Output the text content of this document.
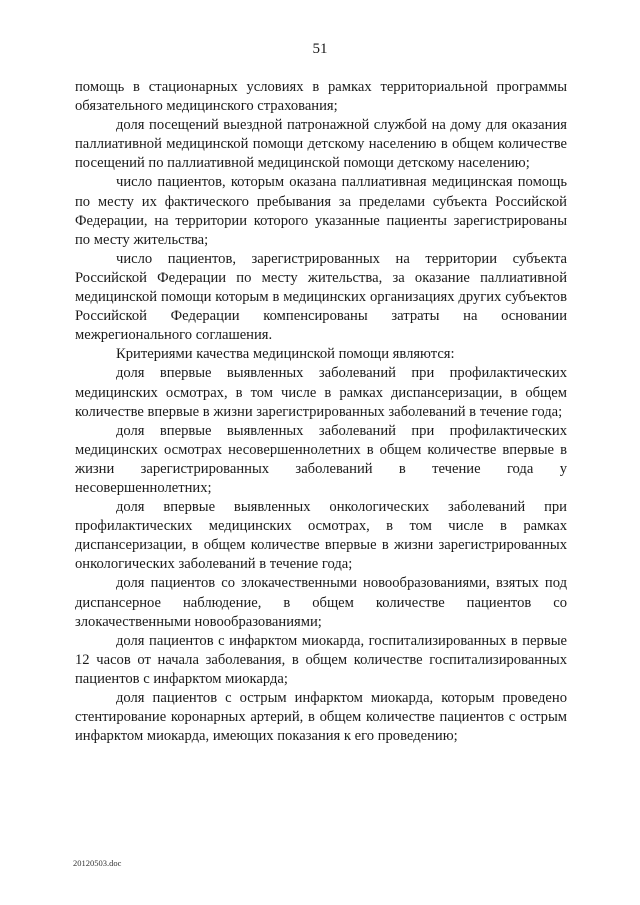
51

помощь в стационарных условиях в рамках территориальной программы обязательного медицинского страхования;

доля посещений выездной патронажной службой на дому для оказания паллиативной медицинской помощи детскому населению в общем количестве посещений по паллиативной медицинской помощи детскому населению;

число пациентов, которым оказана паллиативная медицинская помощь по месту их фактического пребывания за пределами субъекта Российской Федерации, на территории которого указанные пациенты зарегистрированы по месту жительства;

число пациентов, зарегистрированных на территории субъекта Российской Федерации по месту жительства, за оказание паллиативной медицинской помощи которым в медицинских организациях других субъектов Российской Федерации компенсированы затраты на основании межрегионального соглашения.

Критериями качества медицинской помощи являются:

доля впервые выявленных заболеваний при профилактических медицинских осмотрах, в том числе в рамках диспансеризации, в общем количестве впервые в жизни зарегистрированных заболеваний в течение года;

доля впервые выявленных заболеваний при профилактических медицинских осмотрах несовершеннолетних в общем количестве впервые в жизни зарегистрированных заболеваний в течение года у несовершеннолетних;

доля впервые выявленных онкологических заболеваний при профилактических медицинских осмотрах, в том числе в рамках диспансеризации, в общем количестве впервые в жизни зарегистрированных онкологических заболеваний в течение года;

доля пациентов со злокачественными новообразованиями, взятых под диспансерное наблюдение, в общем количестве пациентов со злокачественными новообразованиями;

доля пациентов с инфарктом миокарда, госпитализированных в первые 12 часов от начала заболевания, в общем количестве госпитализированных пациентов с инфарктом миокарда;

доля пациентов с острым инфарктом миокарда, которым проведено стентирование коронарных артерий, в общем количестве пациентов с острым инфарктом миокарда, имеющих показания к его проведению;

20120503.doc
